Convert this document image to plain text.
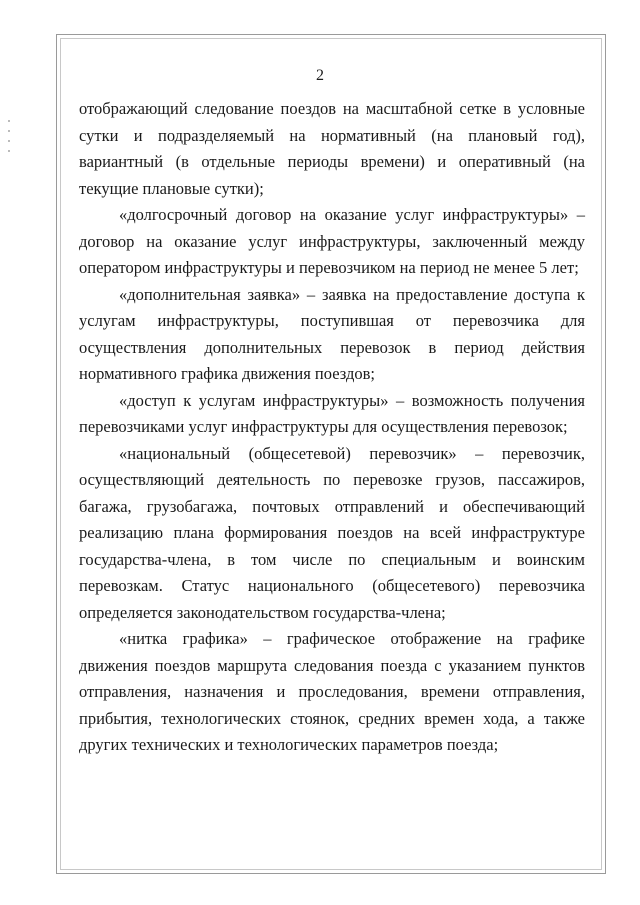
2

отображающий следование поездов на масштабной сетке в условные сутки и подразделяемый на нормативный (на плановый год), вариантный (в отдельные периоды времени) и оперативный (на текущие плановые сутки);

«долгосрочный договор на оказание услуг инфраструктуры» – договор на оказание услуг инфраструктуры, заключенный между оператором инфраструктуры и перевозчиком на период не менее 5 лет;

«дополнительная заявка» – заявка на предоставление доступа к услугам инфраструктуры, поступившая от перевозчика для осуществления дополнительных перевозок в период действия нормативного графика движения поездов;

«доступ к услугам инфраструктуры» – возможность получения перевозчиками услуг инфраструктуры для осуществления перевозок;

«национальный (общесетевой) перевозчик» – перевозчик, осуществляющий деятельность по перевозке грузов, пассажиров, багажа, грузобагажа, почтовых отправлений и обеспечивающий реализацию плана формирования поездов на всей инфраструктуре государства-члена, в том числе по специальным и воинским перевозкам. Статус национального (общесетевого) перевозчика определяется законодательством государства-члена;

«нитка графика» – графическое отображение на графике движения поездов маршрута следования поезда с указанием пунктов отправления, назначения и проследования, времени отправления, прибытия, технологических стоянок, средних времен хода, а также других технических и технологических параметров поезда;
